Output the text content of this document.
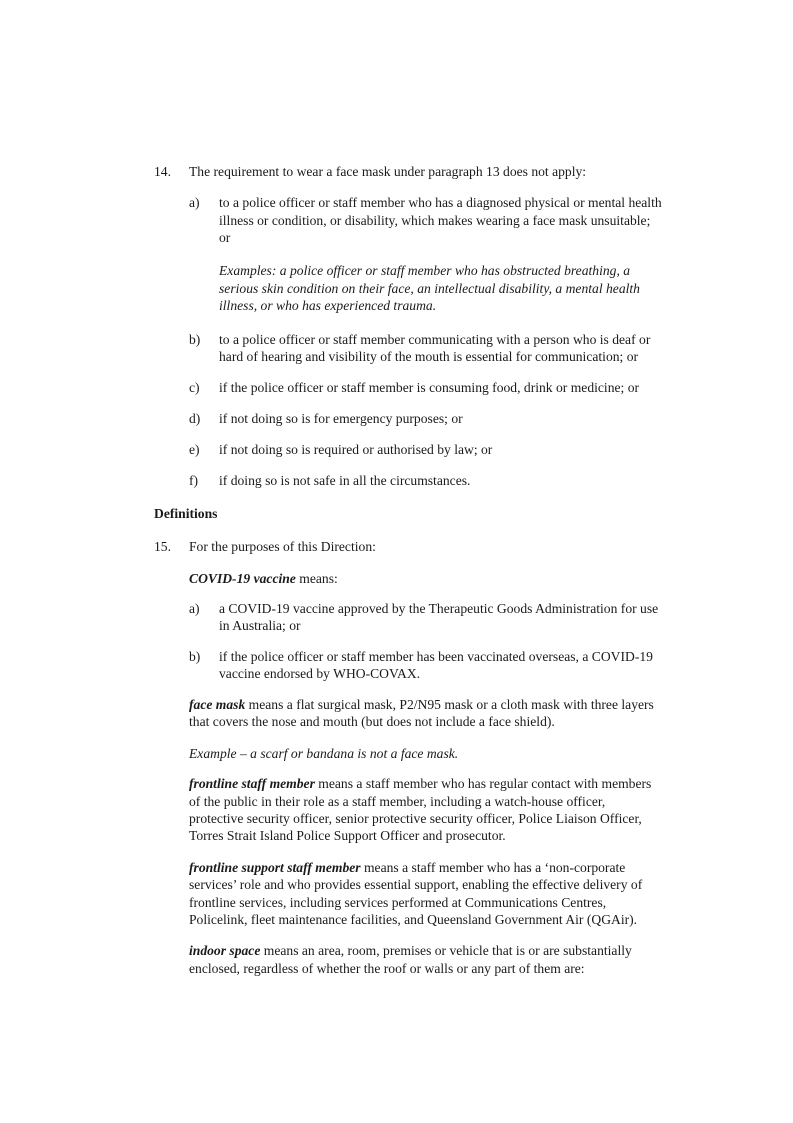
14. The requirement to wear a face mask under paragraph 13 does not apply:
a) to a police officer or staff member who has a diagnosed physical or mental health
illness or condition, or disability, which makes wearing a face mask unsuitable;
or
Examples: a police officer or staff member who has obstructed breathing, a
serious skin condition on their face, an intellectual disability, a mental health
illness, or who has experienced trauma.
b) to a police officer or staff member communicating with a person who is deaf or
hard of hearing and visibility of the mouth is essential for communication; or
c) if the police officer or staff member is consuming food, drink or medicine; or
d) if not doing so is for emergency purposes; or
e) if not doing so is required or authorised by law; or
f) if doing so is not safe in all the circumstances.
Definitions
15. For the purposes of this Direction:
COVID-19 vaccine means:
a) a COVID-19 vaccine approved by the Therapeutic Goods Administration for use
in Australia; or
b) if the police officer or staff member has been vaccinated overseas, a COVID-19
vaccine endorsed by WHO-COVAX.
face mask means a flat surgical mask, P2/N95 mask or a cloth mask with three layers
that covers the nose and mouth (but does not include a face shield).
Example – a scarf or bandana is not a face mask.
frontline staff member means a staff member who has regular contact with members
of the public in their role as a staff member, including a watch-house officer,
protective security officer, senior protective security officer, Police Liaison Officer,
Torres Strait Island Police Support Officer and prosecutor.
frontline support staff member means a staff member who has a ‘non-corporate
services’ role and who provides essential support, enabling the effective delivery of
frontline services, including services performed at Communications Centres,
Policelink, fleet maintenance facilities, and Queensland Government Air (QGAir).
indoor space means an area, room, premises or vehicle that is or are substantially
enclosed, regardless of whether the roof or walls or any part of them are:
